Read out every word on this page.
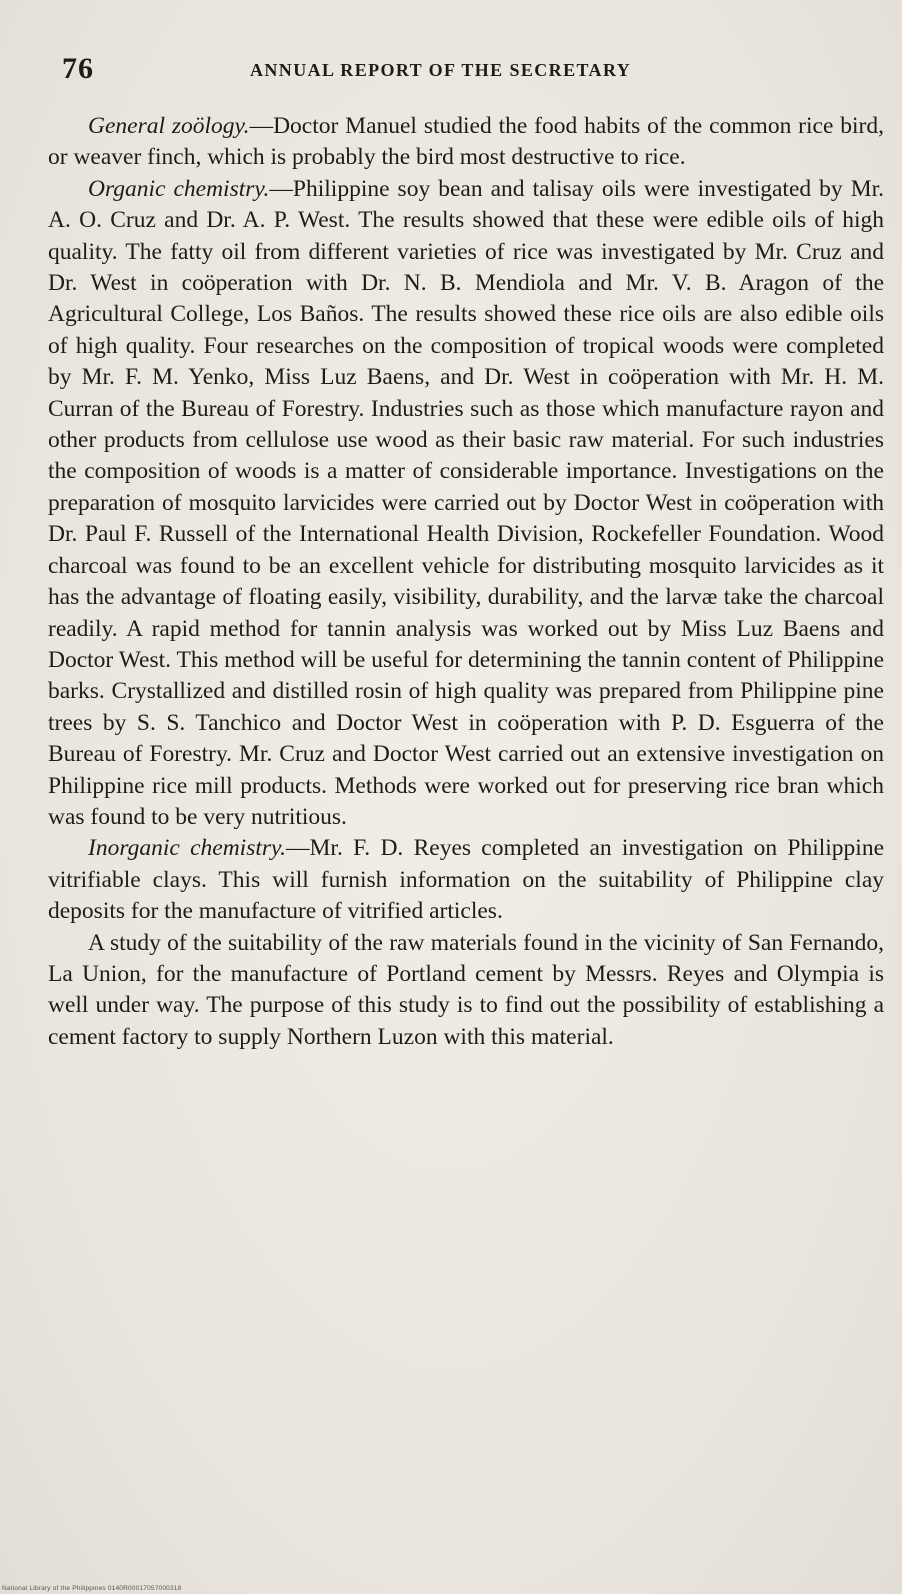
76	ANNUAL REPORT OF THE SECRETARY

General zoölogy.—Doctor Manuel studied the food habits of the common rice bird, or weaver finch, which is probably the bird most destructive to rice.

Organic chemistry.—Philippine soy bean and talisay oils were investigated by Mr. A. O. Cruz and Dr. A. P. West. The results showed that these were edible oils of high quality. The fatty oil from different varieties of rice was investigated by Mr. Cruz and Dr. West in coöperation with Dr. N. B. Mendiola and Mr. V. B. Aragon of the Agricultural College, Los Baños. The results showed these rice oils are also edible oils of high quality. Four researches on the composition of tropical woods were completed by Mr. F. M. Yenko, Miss Luz Baens, and Dr. West in coöperation with Mr. H. M. Curran of the Bureau of Forestry. Industries such as those which manufacture rayon and other products from cellulose use wood as their basic raw material. For such industries the composition of woods is a matter of considerable importance. Investigations on the preparation of mosquito larvicides were carried out by Doctor West in coöperation with Dr. Paul F. Russell of the International Health Division, Rockefeller Foundation. Wood charcoal was found to be an excellent vehicle for distributing mosquito larvicides as it has the advantage of floating easily, visibility, durability, and the larvæ take the charcoal readily. A rapid method for tannin analysis was worked out by Miss Luz Baens and Doctor West. This method will be useful for determining the tannin content of Philippine barks. Crystallized and distilled rosin of high quality was prepared from Philippine pine trees by S. S. Tanchico and Doctor West in coöperation with P. D. Esguerra of the Bureau of Forestry. Mr. Cruz and Doctor West carried out an extensive investigation on Philippine rice mill products. Methods were worked out for preserving rice bran which was found to be very nutritious.

Inorganic chemistry.—Mr. F. D. Reyes completed an investigation on Philippine vitrifiable clays. This will furnish information on the suitability of Philippine clay deposits for the manufacture of vitrified articles.

A study of the suitability of the raw materials found in the vicinity of San Fernando, La Union, for the manufacture of Portland cement by Messrs. Reyes and Olympia is well under way. The purpose of this study is to find out the possibility of establishing a cement factory to supply Northern Luzon with this material.

National Library of the Philippines 0140R00017057000318
